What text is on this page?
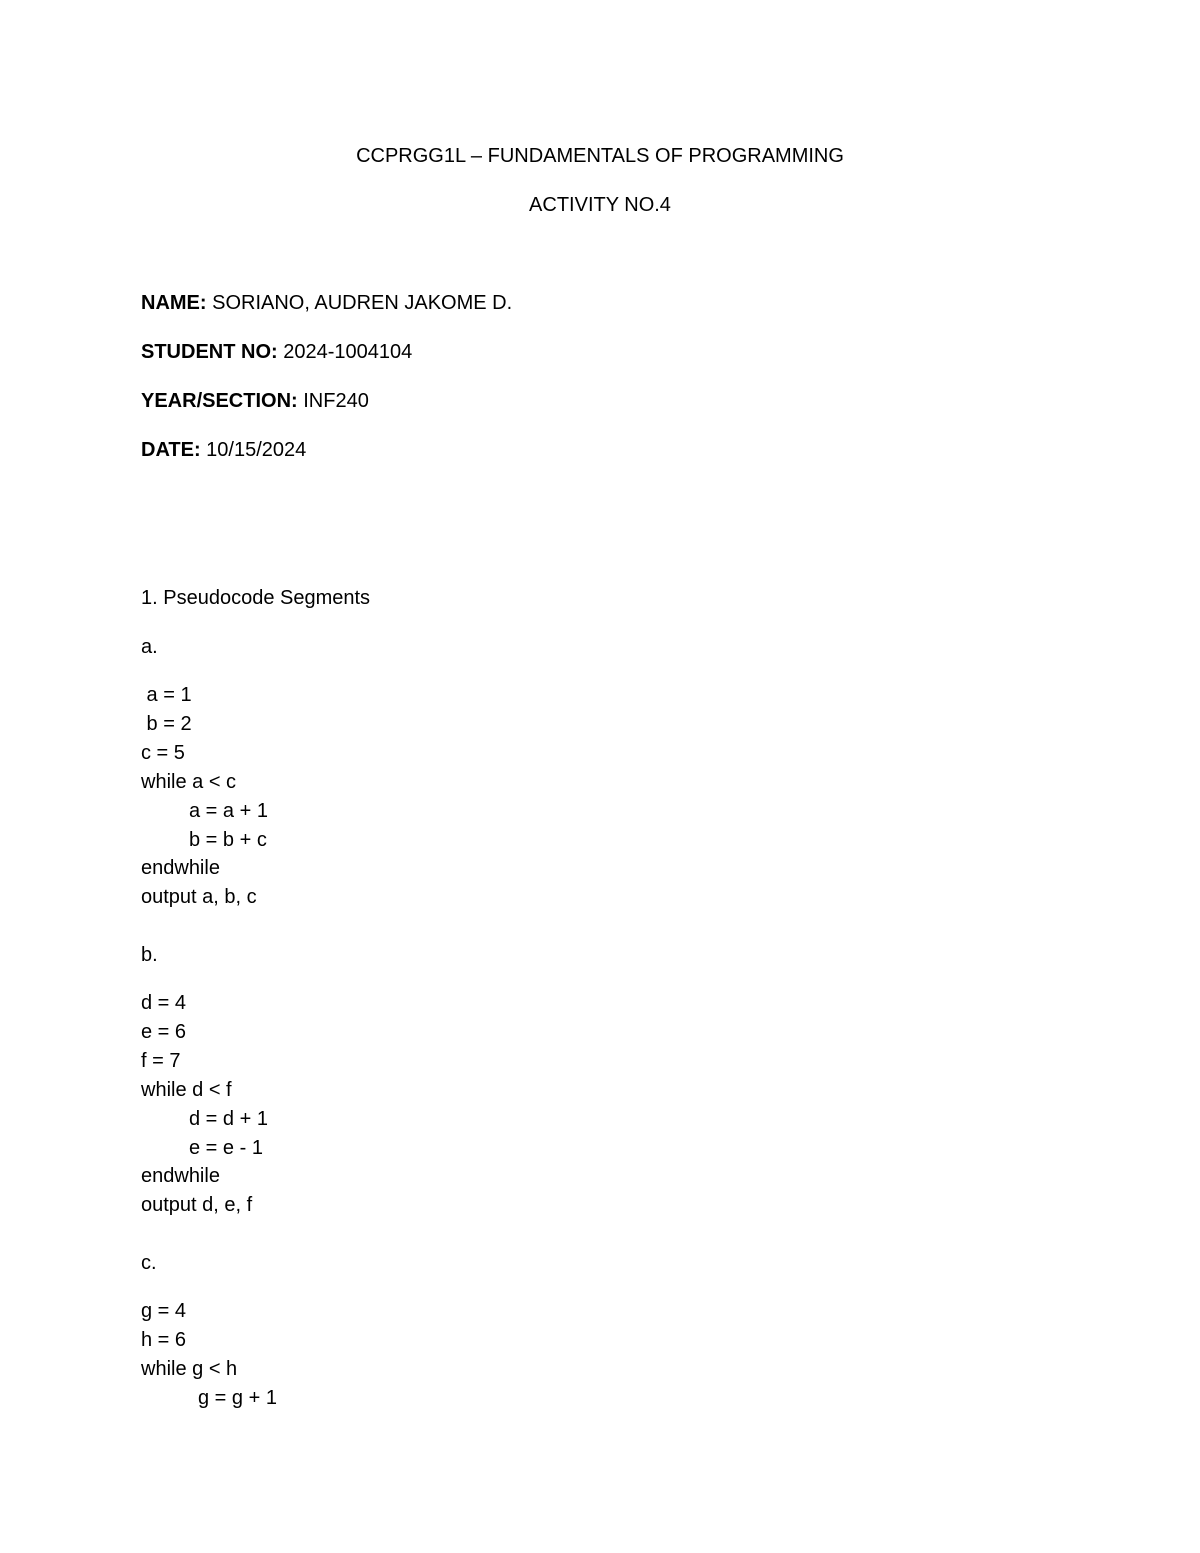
CCPRGG1L – FUNDAMENTALS OF PROGRAMMING

ACTIVITY NO.4

NAME: SORIANO, AUDREN JAKOME D.

STUDENT NO: 2024-1004104

YEAR/SECTION: INF240

DATE: 10/15/2024

1. Pseudocode Segments

a.

a = 1

b = 2

c = 5

while a < c

a = a + 1

b = b + c

endwhile

output a, b, c

b.

d = 4

e = 6

f = 7

while d < f

d = d + 1

e = e - 1

endwhile

output d, e, f

c.

g = 4

h = 6

while g < h

g = g + 1
